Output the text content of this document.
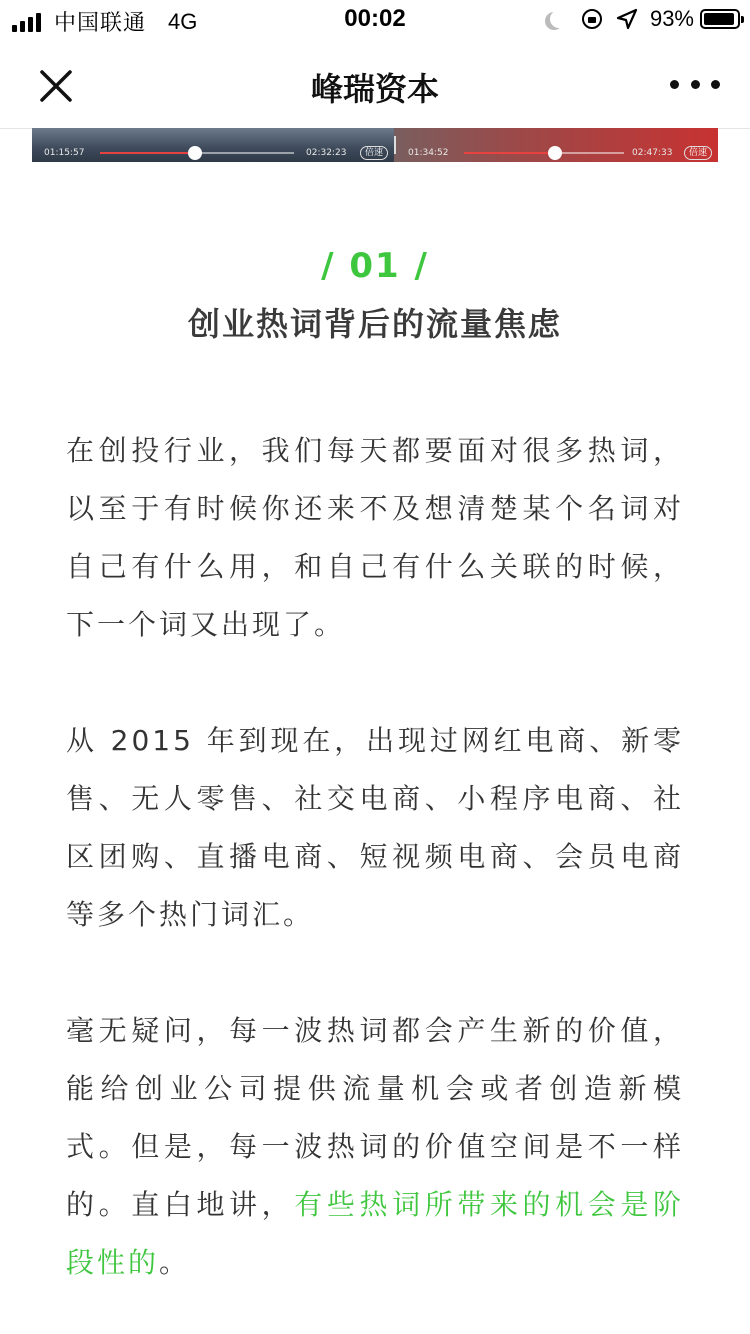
中国联通 4G	00:02	93%
峰瑞资本
01:15:57	02:32:23	倍速	01:34:52	02:47:33	倍速
/ 01 /
创业热词背后的流量焦虑

在创投行业，我们每天都要面对很多热词，以至于有时候你还来不及想清楚某个名词对自己有什么用，和自己有什么关联的时候，下一个词又出现了。

从 2015 年到现在，出现过网红电商、新零售、无人零售、社交电商、小程序电商、社区团购、直播电商、短视频电商、会员电商等多个热门词汇。

毫无疑问，每一波热词都会产生新的价值，能给创业公司提供流量机会或者创造新模式。但是，每一波热词的价值空间是不一样的。直白地讲，有些热词所带来的机会是阶段性的。
